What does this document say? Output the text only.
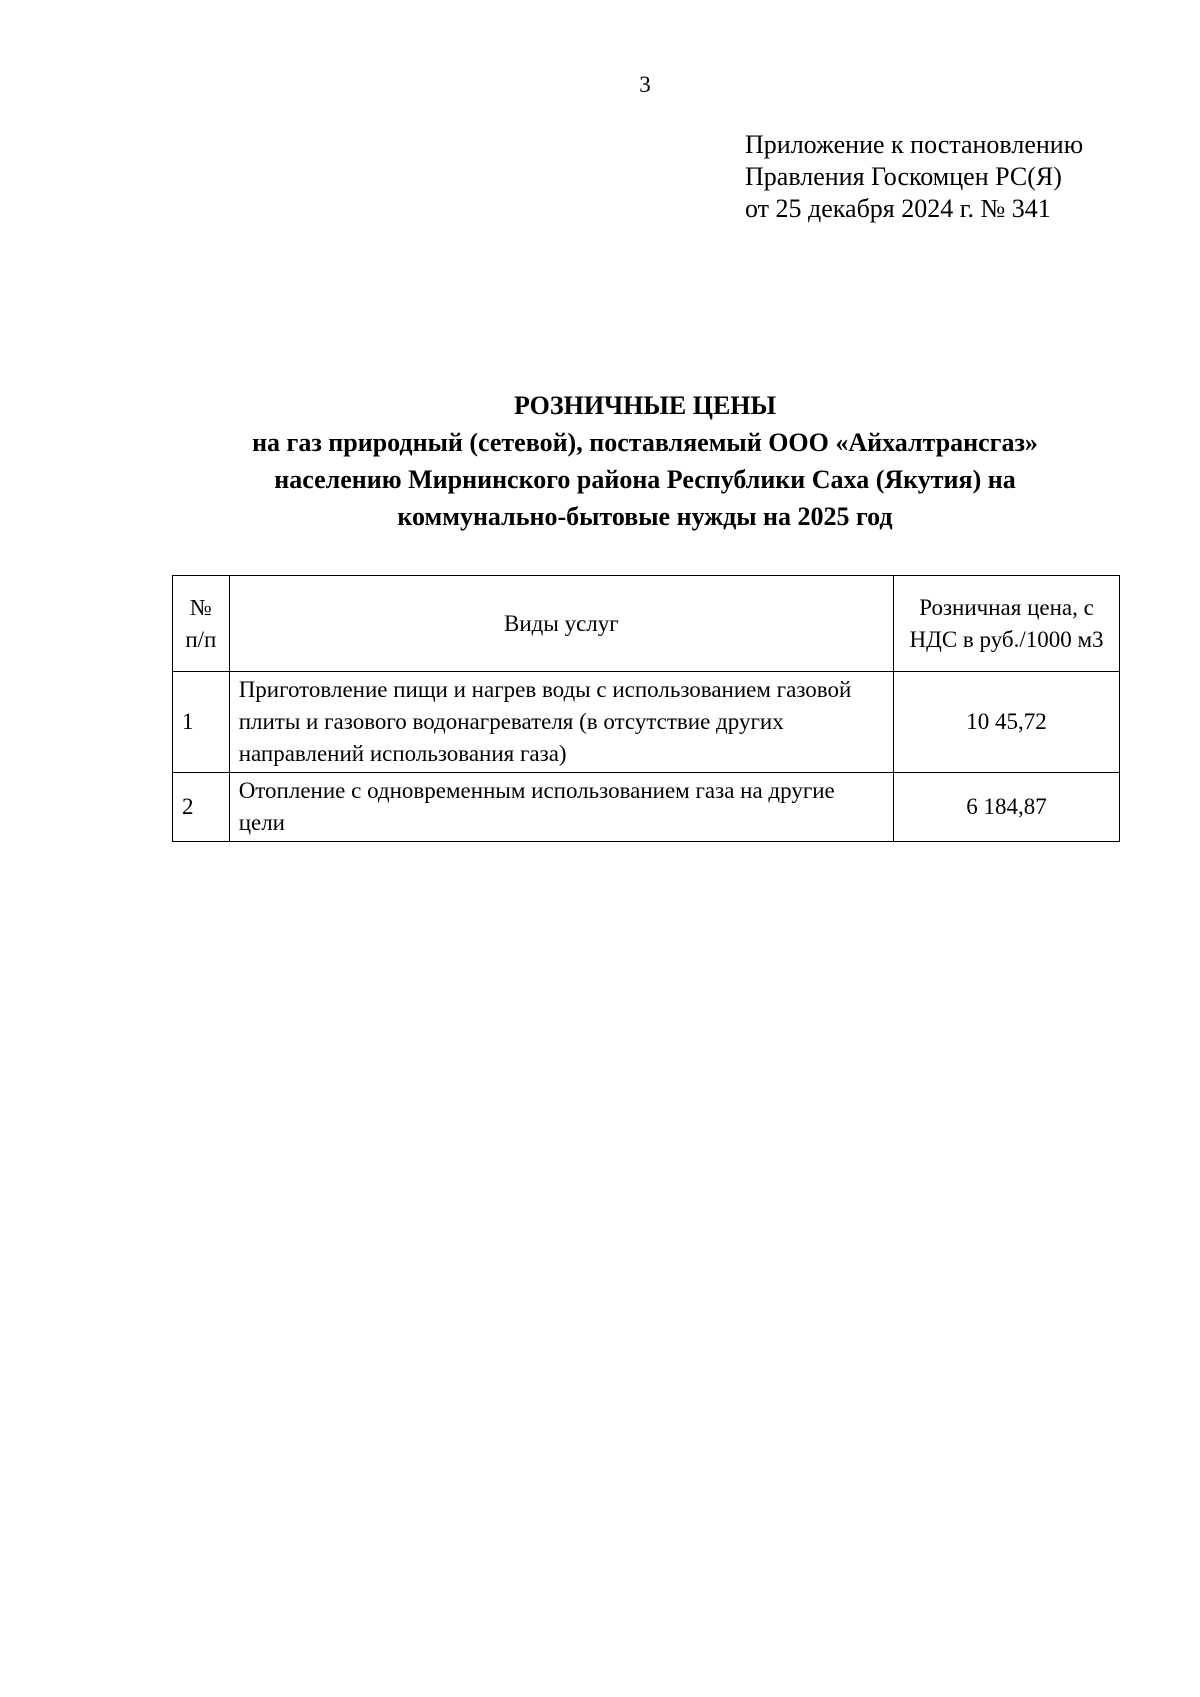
3
Приложение к постановлению
Правления Госкомцен РС(Я)
от 25 декабря 2024 г. № 341
РОЗНИЧНЫЕ ЦЕНЫ
на газ природный (сетевой), поставляемый ООО «Айхалтрансгаз»
населению Мирнинского района Республики Саха (Якутия) на
коммунально-бытовые нужды на 2025 год
№ п/п	Виды услуг	Розничная цена, с НДС в руб./1000 м3
1	Приготовление пищи и нагрев воды с использованием газовой плиты и газового водонагревателя (в отсутствие других направлений использования газа)	10 45,72
2	Отопление с одновременным использованием газа на другие цели	6 184,87
